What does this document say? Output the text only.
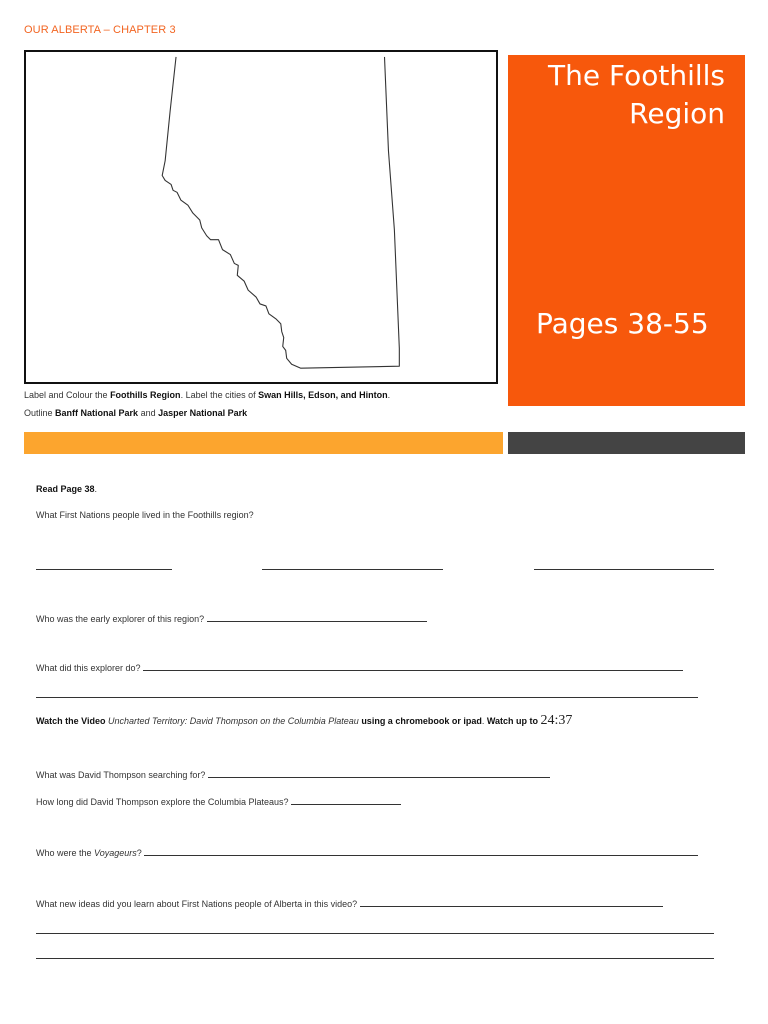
OUR ALBERTA – CHAPTER 3
The Foothills
Region
Pages 38-55
Label and Colour the Foothills Region. Label the cities of Swan Hills, Edson, and Hinton.
Outline Banff National Park and Jasper National Park
Read Page 38.
What First Nations people lived in the Foothills region?
Who was the early explorer of this region?
What did this explorer do?
Watch the Video Uncharted Territory: David Thompson on the Columbia Plateau using a chromebook or ipad. Watch up to 24:37
What was David Thompson searching for?
How long did David Thompson explore the Columbia Plateaus?
Who were the Voyageurs?
What new ideas did you learn about First Nations people of Alberta in this video?
